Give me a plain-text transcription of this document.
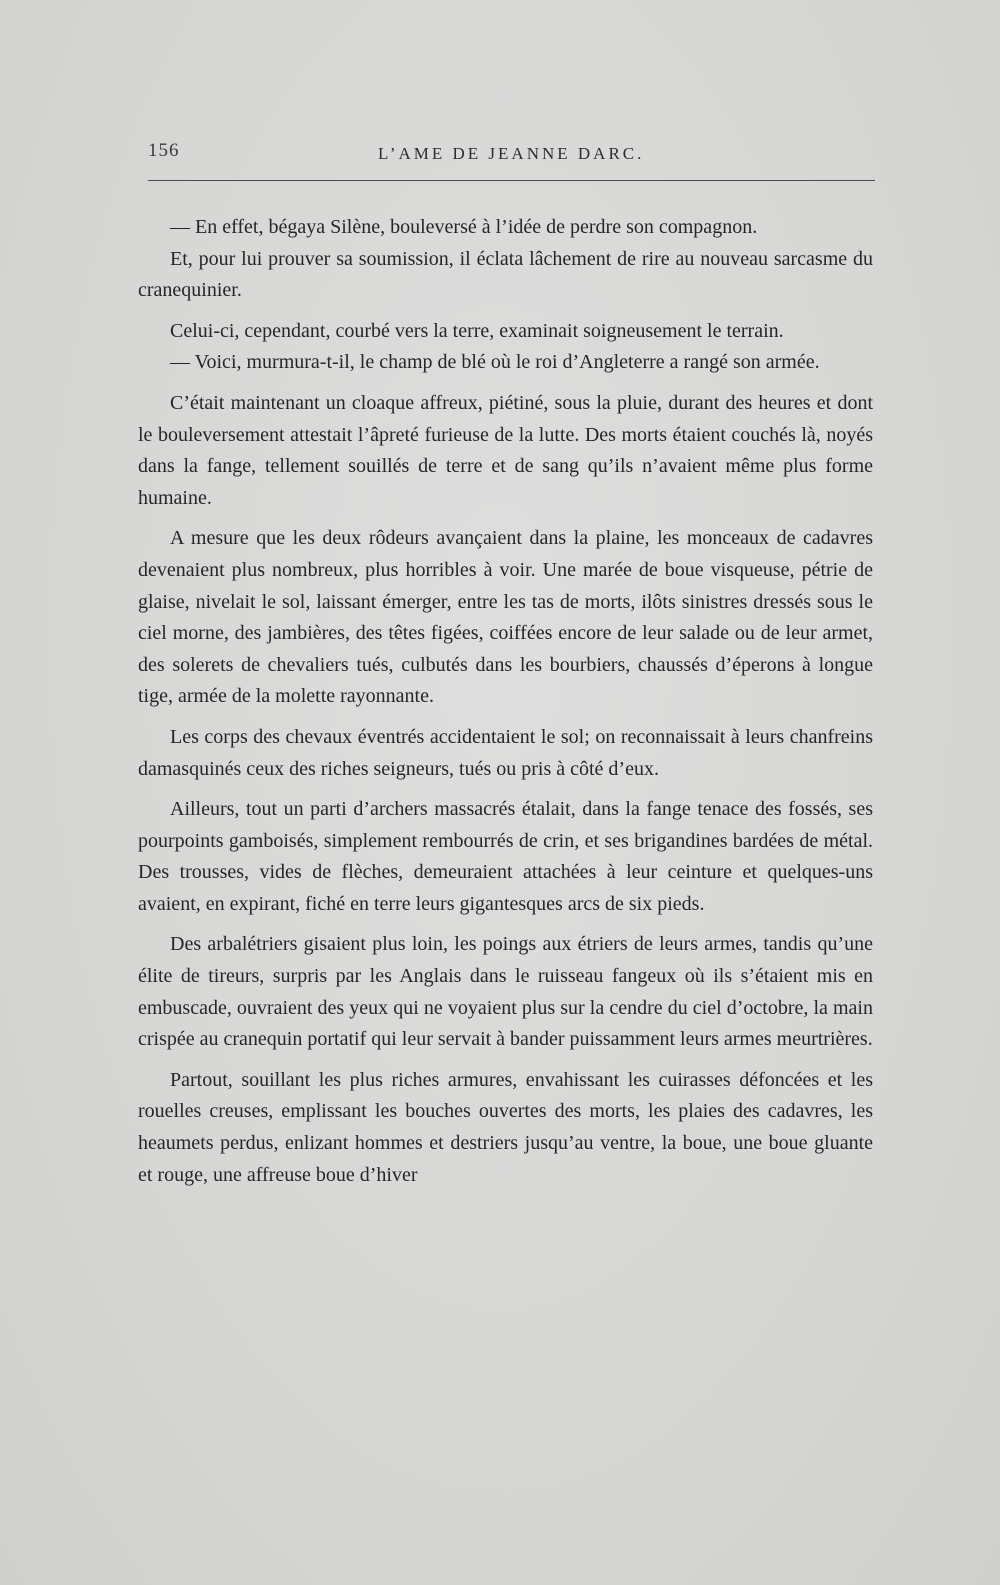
156	L’AME DE JEANNE DARC.

— En effet, bégaya Silène, bouleversé à l’idée de perdre son compagnon.

Et, pour lui prouver sa soumission, il éclata lâchement de rire au nouveau sarcasme du cranequinier.

Celui-ci, cependant, courbé vers la terre, examinait soigneusement le terrain.

— Voici, murmura-t-il, le champ de blé où le roi d’Angleterre a rangé son armée.

C’était maintenant un cloaque affreux, piétiné, sous la pluie, durant des heures et dont le bouleversement attestait l’âpreté furieuse de la lutte. Des morts étaient couchés là, noyés dans la fange, tellement souillés de terre et de sang qu’ils n’avaient même plus forme humaine.

A mesure que les deux rôdeurs avançaient dans la plaine, les monceaux de cadavres devenaient plus nombreux, plus horribles à voir. Une marée de boue visqueuse, pétrie de glaise, nivelait le sol, laissant émerger, entre les tas de morts, ilôts sinistres dressés sous le ciel morne, des jambières, des têtes figées, coiffées encore de leur salade ou de leur armet, des solerets de chevaliers tués, culbutés dans les bourbiers, chaussés d’éperons à longue tige, armée de la molette rayonnante.

Les corps des chevaux éventrés accidentaient le sol; on reconnaissait à leurs chanfreins damasquinés ceux des riches seigneurs, tués ou pris à côté d’eux.

Ailleurs, tout un parti d’archers massacrés étalait, dans la fange tenace des fossés, ses pourpoints gamboisés, simplement rembourrés de crin, et ses brigandines bardées de métal. Des trousses, vides de flèches, demeuraient attachées à leur ceinture et quelques-uns avaient, en expirant, fiché en terre leurs gigantesques arcs de six pieds.

Des arbalétriers gisaient plus loin, les poings aux étriers de leurs armes, tandis qu’une élite de tireurs, surpris par les Anglais dans le ruisseau fangeux où ils s’étaient mis en embuscade, ouvraient des yeux qui ne voyaient plus sur la cendre du ciel d’octobre, la main crispée au cranequin portatif qui leur servait à bander puissamment leurs armes meurtrières.

Partout, souillant les plus riches armures, envahissant les cuirasses défoncées et les rouelles creuses, emplissant les bouches ouvertes des morts, les plaies des cadavres, les heaumets perdus, enlizant hommes et destriers jusqu’au ventre, la boue, une boue gluante et rouge, une affreuse boue d’hiver
